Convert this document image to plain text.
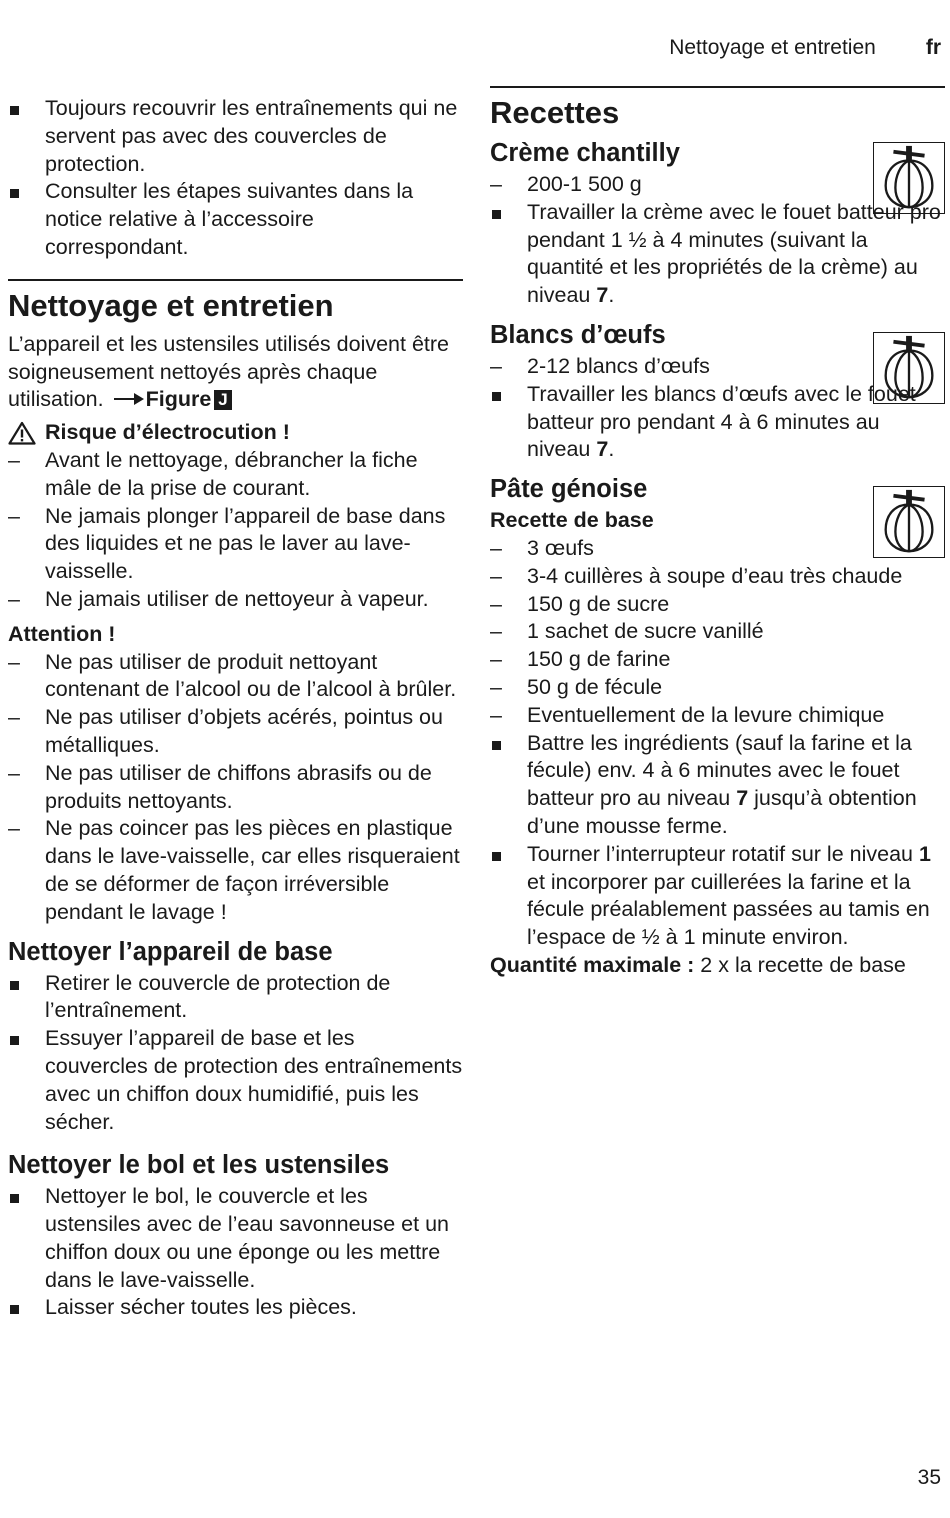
Nettoyage et entretien fr
Toujours recouvrir les entraînements qui ne servent pas avec des couvercles de protection.
Consulter les étapes suivantes dans la notice relative à l’accessoire correspondant.
Nettoyage et entretien

L’appareil et les ustensiles utilisés doivent être soigneusement nettoyés après chaque utilisation. Figure J

Risque d’électrocution !
– Avant le nettoyage, débrancher la fiche mâle de la prise de courant.
– Ne jamais plonger l’appareil de base dans des liquides et ne pas le laver au lave-vaisselle.
– Ne jamais utiliser de nettoyeur à vapeur.
Attention !
– Ne pas utiliser de produit nettoyant contenant de l’alcool ou de l’alcool à brûler.
– Ne pas utiliser d’objets acérés, pointus ou métalliques.
– Ne pas utiliser de chiffons abrasifs ou de produits nettoyants.
– Ne pas coincer pas les pièces en plastique dans le lave-vaisselle, car elles risqueraient de se déformer de façon irréversible pendant le lavage !
Nettoyer l’appareil de base
Retirer le couvercle de protection de l’entraînement.
Essuyer l’appareil de base et les couvercles de protection des entraînements avec un chiffon doux humidifié, puis les sécher.
Nettoyer le bol et les ustensiles
Nettoyer le bol, le couvercle et les ustensiles avec de l’eau savonneuse et un chiffon doux ou une éponge ou les mettre dans le lave-vaisselle.
Laisser sécher toutes les pièces.
Recettes
Crème chantilly
– 200-1 500 g
Travailler la crème avec le fouet batteur pro pendant 1 ½ à 4 minutes (suivant la quantité et les propriétés de la crème) au niveau 7.
Blancs d’œufs
– 2-12 blancs d’œufs
Travailler les blancs d’œufs avec le fouet batteur pro pendant 4 à 6 minutes au niveau 7.
Pâte génoise

Recette de base

– 3 œufs
– 3-4 cuillères à soupe d’eau très chaude
– 150 g de sucre
– 1 sachet de sucre vanillé
– 150 g de farine
– 50 g de fécule
– Eventuellement de la levure chimique
Battre les ingrédients (sauf la farine et la fécule) env. 4 à 6 minutes avec le fouet batteur pro au niveau 7 jusqu’à obtention d’une mousse ferme.
Tourner l’interrupteur rotatif sur le niveau 1 et incorporer par cuillerées la farine et la fécule préalablement passées au tamis en l’espace de ½ à 1 minute environ.

Quantité maximale : 2 x la recette de base

35
